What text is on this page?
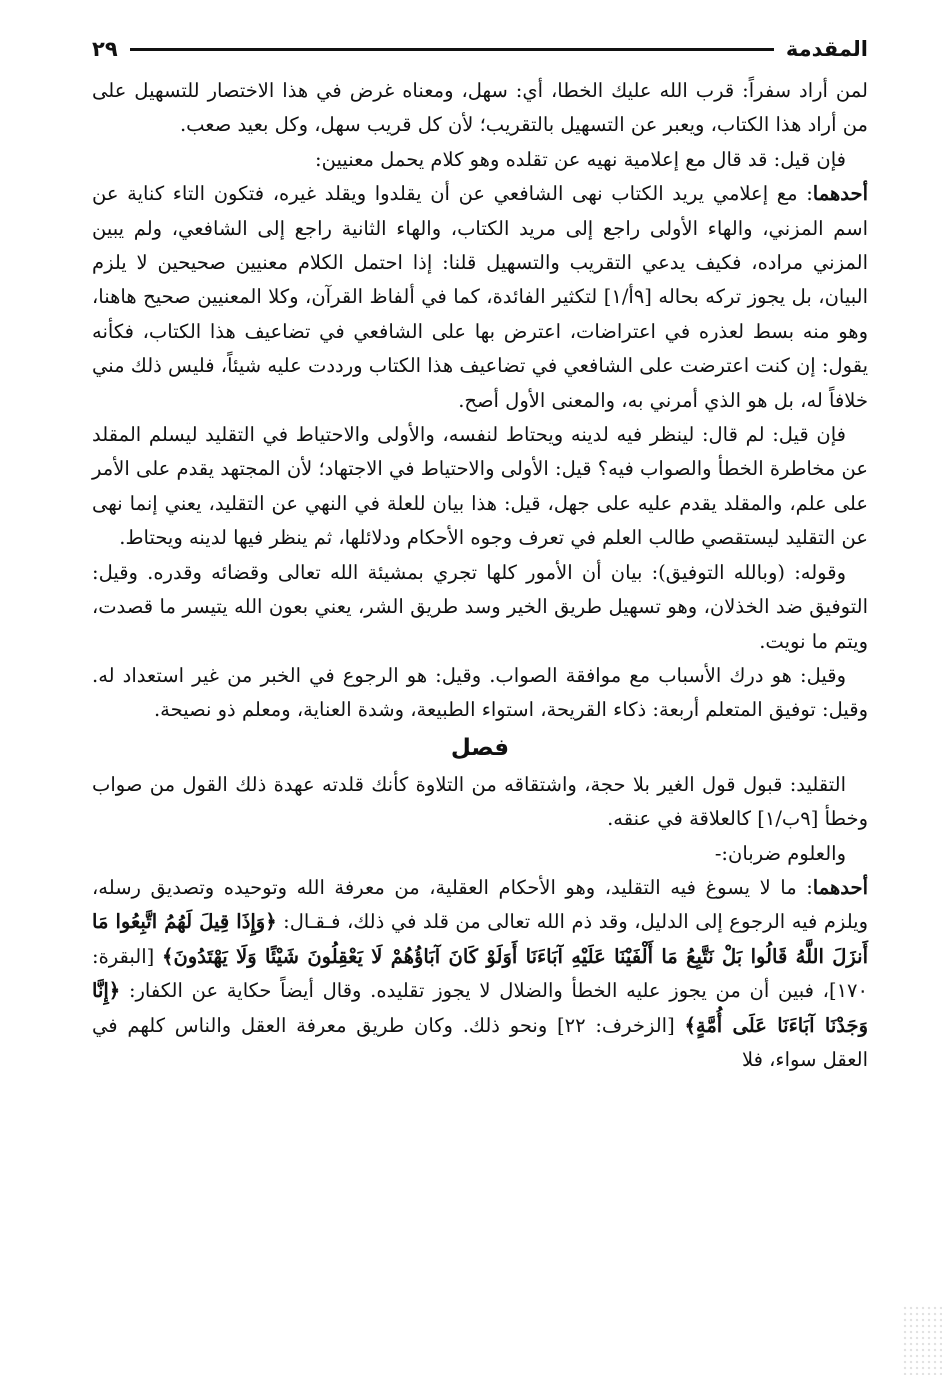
المقدمة
٢٩

لمن أراد سفراً: قرب الله عليك الخطا، أي: سهل، ومعناه غرض في هذا الاختصار للتسهيل على من أراد هذا الكتاب، ويعبر عن التسهيل بالتقريب؛ لأن كل قريب سهل، وكل بعيد صعب.

فإن قيل: قد قال مع إعلامية نهيه عن تقلده وهو كلام يحمل معنيين:

أحدهما: مع إعلامي يريد الكتاب نهى الشافعي عن أن يقلدوا ويقلد غيره، فتكون التاء كناية عن اسم المزني، والهاء الأولى راجع إلى مريد الكتاب، والهاء الثانية راجع إلى الشافعي، ولم يبين المزني مراده، فكيف يدعي التقريب والتسهيل قلنا: إذا احتمل الكلام معنيين صحيحين لا يلزم البيان، بل يجوز تركه بحاله [٩أ/١] لتكثير الفائدة، كما في ألفاظ القرآن، وكلا المعنيين صحيح هاهنا، وهو منه بسط لعذره في اعتراضات، اعترض بها على الشافعي في تضاعيف هذا الكتاب، فكأنه يقول: إن كنت اعترضت على الشافعي في تضاعيف هذا الكتاب ورددت عليه شيئاً، فليس ذلك مني خلافاً له، بل هو الذي أمرني به، والمعنى الأول أصح.

فإن قيل: لم قال: لينظر فيه لدينه ويحتاط لنفسه، والأولى والاحتياط في التقليد ليسلم المقلد عن مخاطرة الخطأ والصواب فيه؟ قيل: الأولى والاحتياط في الاجتهاد؛ لأن المجتهد يقدم على الأمر على علم، والمقلد يقدم عليه على جهل، قيل: هذا بيان للعلة في النهي عن التقليد، يعني إنما نهى عن التقليد ليستقصي طالب العلم في تعرف وجوه الأحكام ودلائلها، ثم ينظر فيها لدينه ويحتاط.

وقوله: (وبالله التوفيق): بيان أن الأمور كلها تجري بمشيئة الله تعالى وقضائه وقدره. وقيل: التوفيق ضد الخذلان، وهو تسهيل طريق الخير وسد طريق الشر، يعني بعون الله يتيسر ما قصدت، ويتم ما نويت.

وقيل: هو درك الأسباب مع موافقة الصواب. وقيل: هو الرجوع في الخبر من غير استعداد له. وقيل: توفيق المتعلم أربعة: ذكاء القريحة، استواء الطبيعة، وشدة العناية، ومعلم ذو نصيحة.

فصل

التقليد: قبول قول الغير بلا حجة، واشتقاقه من التلاوة كأنك قلدته عهدة ذلك القول من صواب وخطأ [٩ب/١] كالعلاقة في عنقه.

والعلوم ضربان:-

أحدهما: ما لا يسوغ فيه التقليد، وهو الأحكام العقلية، من معرفة الله وتوحيده وتصديق رسله، ويلزم فيه الرجوع إلى الدليل، وقد ذم الله تعالى من قلد في ذلك، فـقـال: ﴿وَإِذَا قِيلَ لَهُمُ اتَّبِعُوا مَا أَنزَلَ اللَّهُ قَالُوا بَلْ نَتَّبِعُ مَا أَلْفَيْنَا عَلَيْهِ آبَاءَنَا أَوَلَوْ كَانَ آبَاؤُهُمْ لَا يَعْقِلُونَ شَيْئًا وَلَا يَهْتَدُونَ﴾ [البقرة: ١٧٠]، فبين أن من يجوز عليه الخطأ والضلال لا يجوز تقليده. وقال أيضاً حكاية عن الكفار: ﴿إِنَّا وَجَدْنَا آبَاءَنَا عَلَى أُمَّةٍ﴾ [الزخرف: ٢٢] ونحو ذلك. وكان طريق معرفة العقل والناس كلهم في العقل سواء، فلا
